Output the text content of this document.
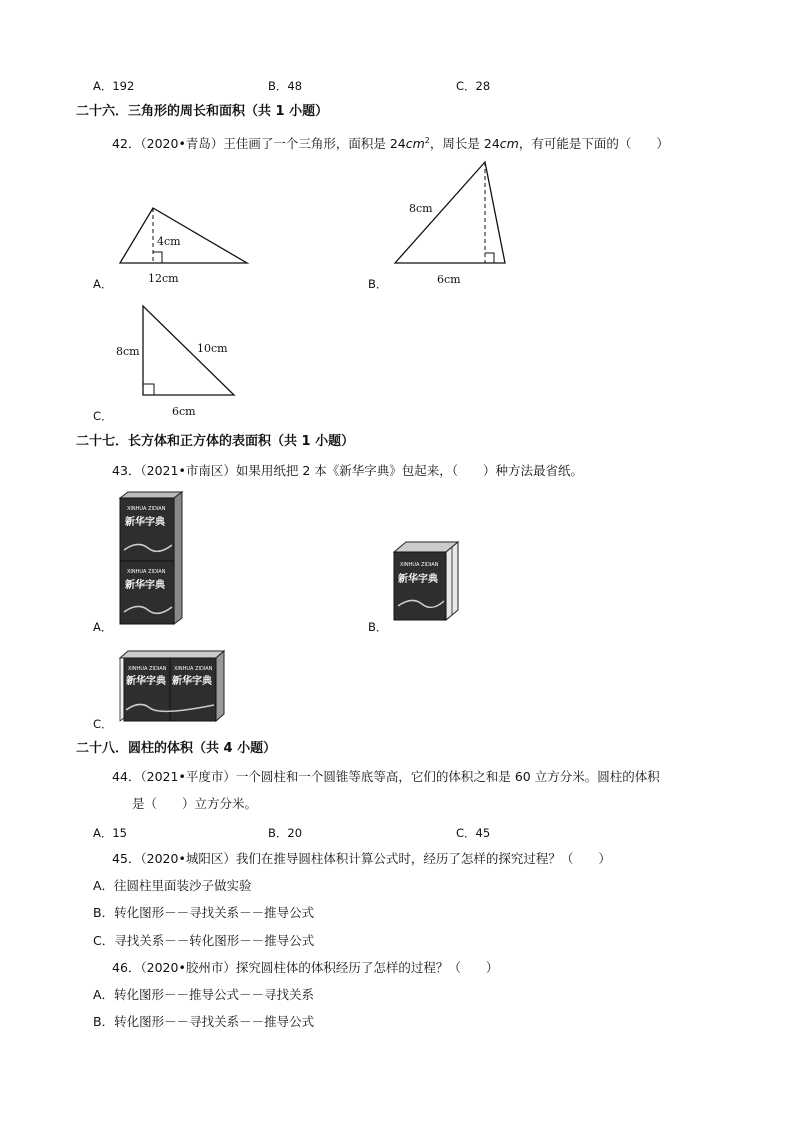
A．192	B．48	C．28
二十六．三角形的周长和面积（共 1 小题）
42．（2020•青岛）王佳画了一个三角形，面积是 $24cm^2$，周长是 24cm，有可能是下面的（　　）
4cm
12cm
A．
8cm
6cm
B．
8cm	10cm
6cm
C．
二十七．长方体和正方体的表面积（共 1 小题）
43．（2021•市南区）如果用纸把 2 本《新华字典》包起来，（　　）种方法最省纸。
XINHUA ZIDIAN
新华字典
XINHUA ZIDIAN
新华字典
A．
XINHUA ZIDIAN
新华字典
B．
XINHUA ZIDIAN
新华字典
XINHUA ZIDIAN
新华字典
C．
二十八．圆柱的体积（共 4 小题）
44．（2021•平度市）一个圆柱和一个圆锥等底等高，它们的体积之和是 60 立方分米。圆柱的体积
是（　　）立方分米。
A．15	B．20	C．45
45．（2020•城阳区）我们在推导圆柱体积计算公式时，经历了怎样的探究过程？（　　）
A．往圆柱里面装沙子做实验
B．转化图形－－寻找关系－－推导公式
C．寻找关系－－转化图形－－推导公式
46．（2020•胶州市）探究圆柱体的体积经历了怎样的过程？（　　）
A．转化图形－－推导公式－－寻找关系
B．转化图形－－寻找关系－－推导公式
